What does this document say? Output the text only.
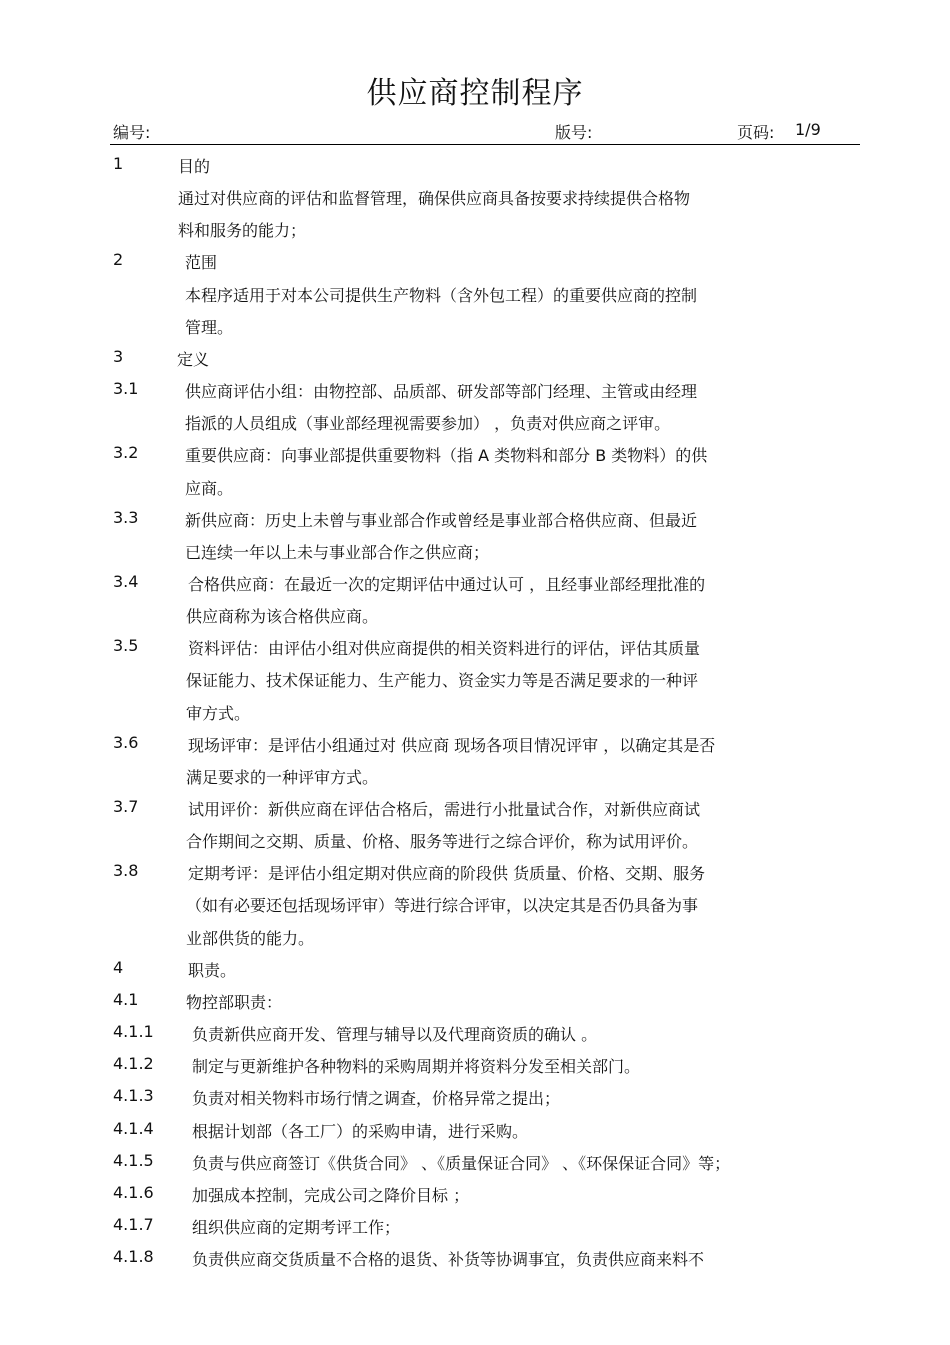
供应商控制程序
编号:	版号:	页码: 1/9
1	目的
通过对供应商的评估和监督管理，确保供应商具备按要求持续提供合格物
料和服务的能力；
2	范围
本程序适用于对本公司提供生产物料（含外包工程）的重要供应商的控制
管理。
3	定义
3.1	供应商评估小组：由物控部、品质部、研发部等部门经理、主管或由经理
指派的人员组成（事业部经理视需要参加） ，负责对供应商之评审。
3.2	重要供应商：向事业部提供重要物料（指 A 类物料和部分 B 类物料）的供
应商。
3.3	新供应商：历史上未曾与事业部合作或曾经是事业部合格供应商、但最近
已连续一年以上未与事业部合作之供应商；
3.4	合格供应商：在最近一次的定期评估中通过认可 ，且经事业部经理批准的
供应商称为该合格供应商。
3.5	资料评估：由评估小组对供应商提供的相关资料进行的评估，评估其质量
保证能力、技术保证能力、生产能力、资金实力等是否满足要求的一种评
审方式。
3.6	现场评审：是评估小组通过对 供应商 现场各项目情况评审 ，以确定其是否
满足要求的一种评审方式。
3.7	试用评价：新供应商在评估合格后，需进行小批量试合作，对新供应商试
合作期间之交期、质量、价格、服务等进行之综合评价，称为试用评价。
3.8	定期考评：是评估小组定期对供应商的阶段供 货质量、价格、交期、服务
（如有必要还包括现场评审）等进行综合评审，以决定其是否仍具备为事
业部供货的能力。
4	职责。
4.1	物控部职责：
4.1.1 负责新供应商开发、管理与辅导以及代理商资质的确认 。
4.1.2 制定与更新维护各种物料的采购周期并将资料分发至相关部门。
4.1.3 负责对相关物料市场行情之调查，价格异常之提出；
4.1.4 根据计划部（各工厂）的采购申请，进行采购。
4.1.5 负责与供应商签订《供货合同》 、《质量保证合同》 、《环保保证合同》等；
4.1.6 加强成本控制，完成公司之降价目标 ；
4.1.7 组织供应商的定期考评工作；
4.1.8 负责供应商交货质量不合格的退货、补货等协调事宜，负责供应商来料不
